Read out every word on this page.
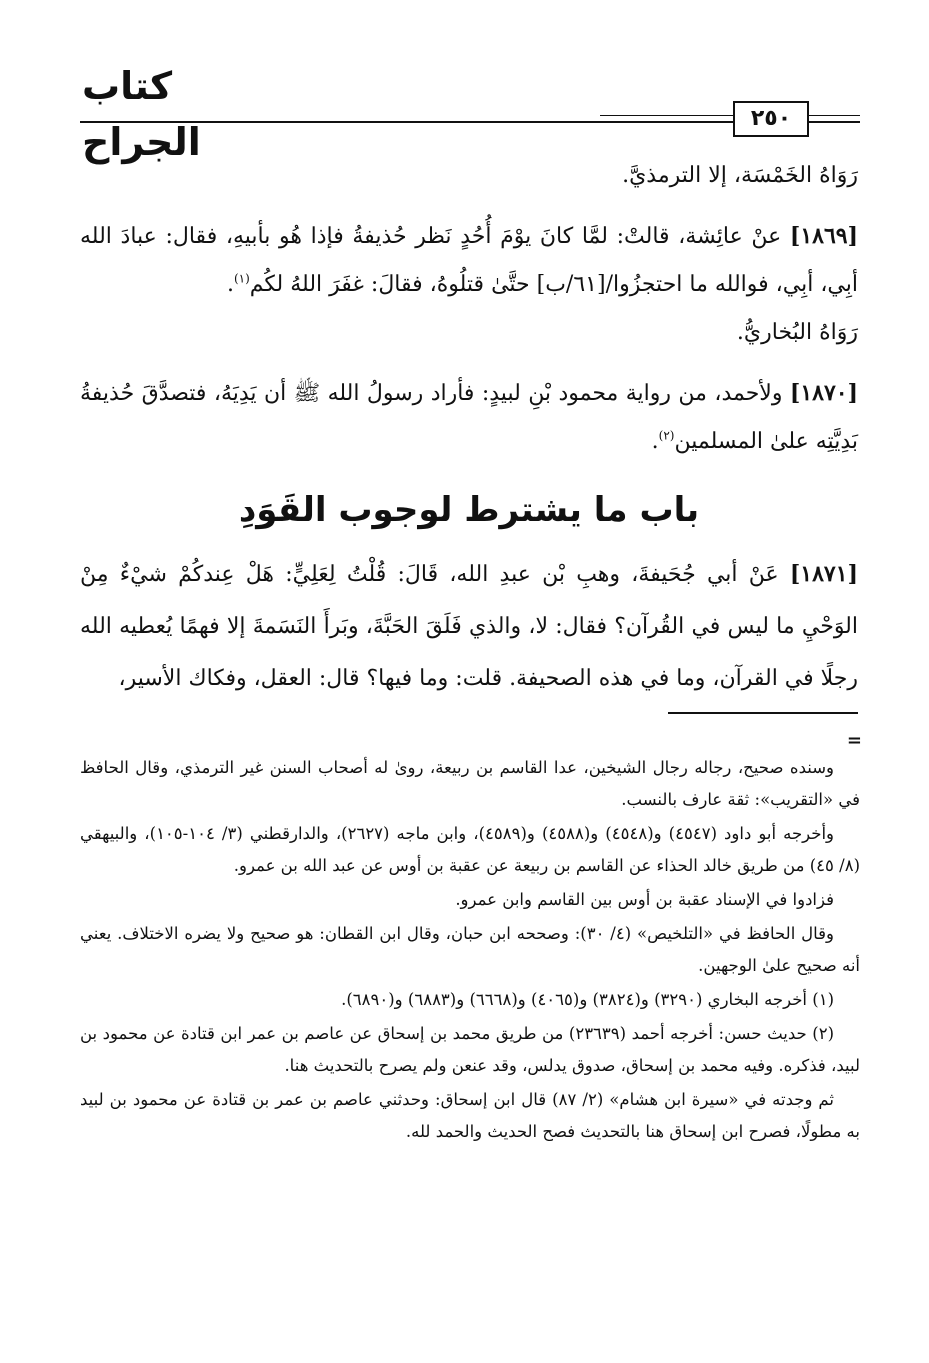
كتاب الجراح
٢٥٠

رَوَاهُ الخَمْسَة، إلا الترمذيَّ.

[١٨٦٩] عنْ عائِشة، قالتْ: لمَّا كانَ يوْمَ أُحُدٍ نَظر حُذيفةُ فإذا هُو بأبيهِ، فقال: عبادَ الله أبِي، أبِي، فوالله ما احتجزُوا/[٦١/ب] حتَّىٰ قتلُوهُ، فقالَ: غفَرَ اللهُ لكُم$^{(١)}$.

رَوَاهُ البُخاريُّ.

[١٨٧٠] ولأحمد، من رواية محمود بْنِ لبيدٍ: فأراد رسولُ الله ﷺ أن يَدِيَهُ، فتصدَّقَ حُذيفةُ بَدِيَّتِه علىٰ المسلمين$^{(٢)}$.

باب ما يشترط لوجوب القَوَدِ

[١٨٧١] عَنْ أبي جُحَيفةَ، وهبِ بْن عبدِ الله، قَالَ: قُلْتُ لِعَلِيٍّ: هَلْ عِندكُمْ شيْءٌ مِنْ الوَحْيِ ما ليس في القُرآن؟ فقال: لا، والذي فَلَقَ الحَبَّةَ، وبَرأَ النَسَمةَ إلا فهمًا يُعطيه الله رجلًا في القرآن، وما في هذه الصحيفة. قلت: وما فيها؟ قال: العقل، وفكاك الأسير،

=

وسنده صحيح، رجاله رجال الشيخين، عدا القاسم بن ربيعة، روىٰ له أصحاب السنن غير الترمذي، وقال الحافظ في «التقريب»: ثقة عارف بالنسب.

وأخرجه أبو داود (٤٥٤٧) و(٤٥٤٨) و(٤٥٨٨) و(٤٥٨٩)، وابن ماجه (٢٦٢٧)، والدارقطني (٣/ ١٠٤-١٠٥)، والبيهقي (٨/ ٤٥) من طريق خالد الحذاء عن القاسم بن ربيعة عن عقبة بن أوس عن عبد الله بن عمرو.

فزادوا في الإسناد عقبة بن أوس بين القاسم وابن عمرو.

وقال الحافظ في «التلخيص» (٤/ ٣٠): وصححه ابن حبان، وقال ابن القطان: هو صحيح ولا يضره الاختلاف. يعني أنه صحيح علىٰ الوجهين.

(١) أخرجه البخاري (٣٢٩٠) و(٣٨٢٤) و(٤٠٦٥) و(٦٦٦٨) و(٦٨٨٣) و(٦٨٩٠).

(٢) حديث حسن: أخرجه أحمد (٢٣٦٣٩) من طريق محمد بن إسحاق عن عاصم بن عمر ابن قتادة عن محمود بن لبيد، فذكره. وفيه محمد بن إسحاق، صدوق يدلس، وقد عنعن ولم يصرح بالتحديث هنا.

ثم وجدته في «سيرة ابن هشام» (٢/ ٨٧) قال ابن إسحاق: وحدثني عاصم بن عمر بن قتادة عن محمود بن لبيد به مطولًا، فصرح ابن إسحاق هنا بالتحديث فصح الحديث والحمد لله.
